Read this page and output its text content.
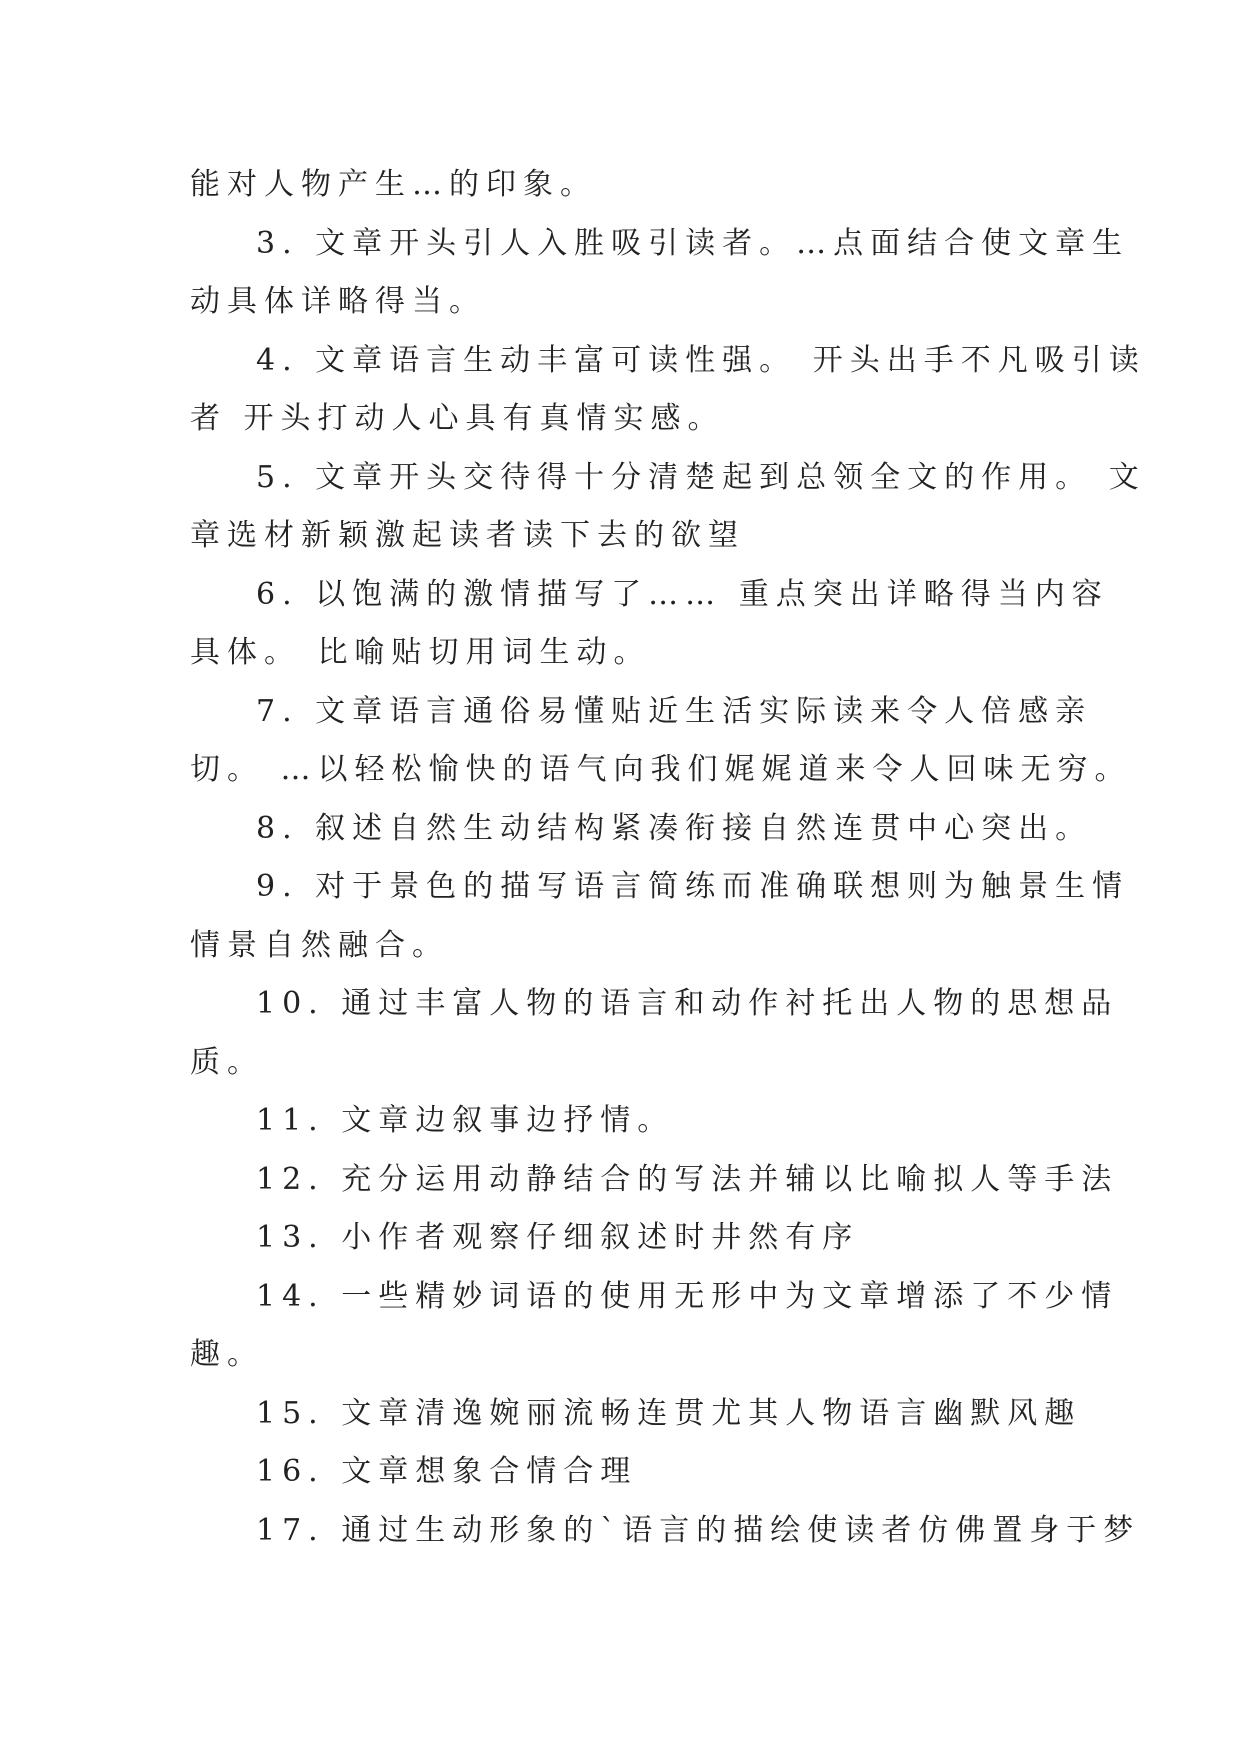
能对人物产生…的印象。
3. 文章开头引人入胜吸引读者。…点面结合使文章生
动具体详略得当。
4. 文章语言生动丰富可读性强。 开头出手不凡吸引读
者 开头打动人心具有真情实感。
5. 文章开头交待得十分清楚起到总领全文的作用。 文
章选材新颖激起读者读下去的欲望
6. 以饱满的激情描写了…… 重点突出详略得当内容
具体。 比喻贴切用词生动。
7. 文章语言通俗易懂贴近生活实际读来令人倍感亲
切。 …以轻松愉快的语气向我们娓娓道来令人回味无穷。
8. 叙述自然生动结构紧凑衔接自然连贯中心突出。
9. 对于景色的描写语言简练而准确联想则为触景生情
情景自然融合。
10. 通过丰富人物的语言和动作衬托出人物的思想品
质。
11. 文章边叙事边抒情。
12. 充分运用动静结合的写法并辅以比喻拟人等手法
13. 小作者观察仔细叙述时井然有序
14. 一些精妙词语的使用无形中为文章增添了不少情
趣。
15. 文章清逸婉丽流畅连贯尤其人物语言幽默风趣
16. 文章想象合情合理
17. 通过生动形象的`语言的描绘使读者仿佛置身于梦
